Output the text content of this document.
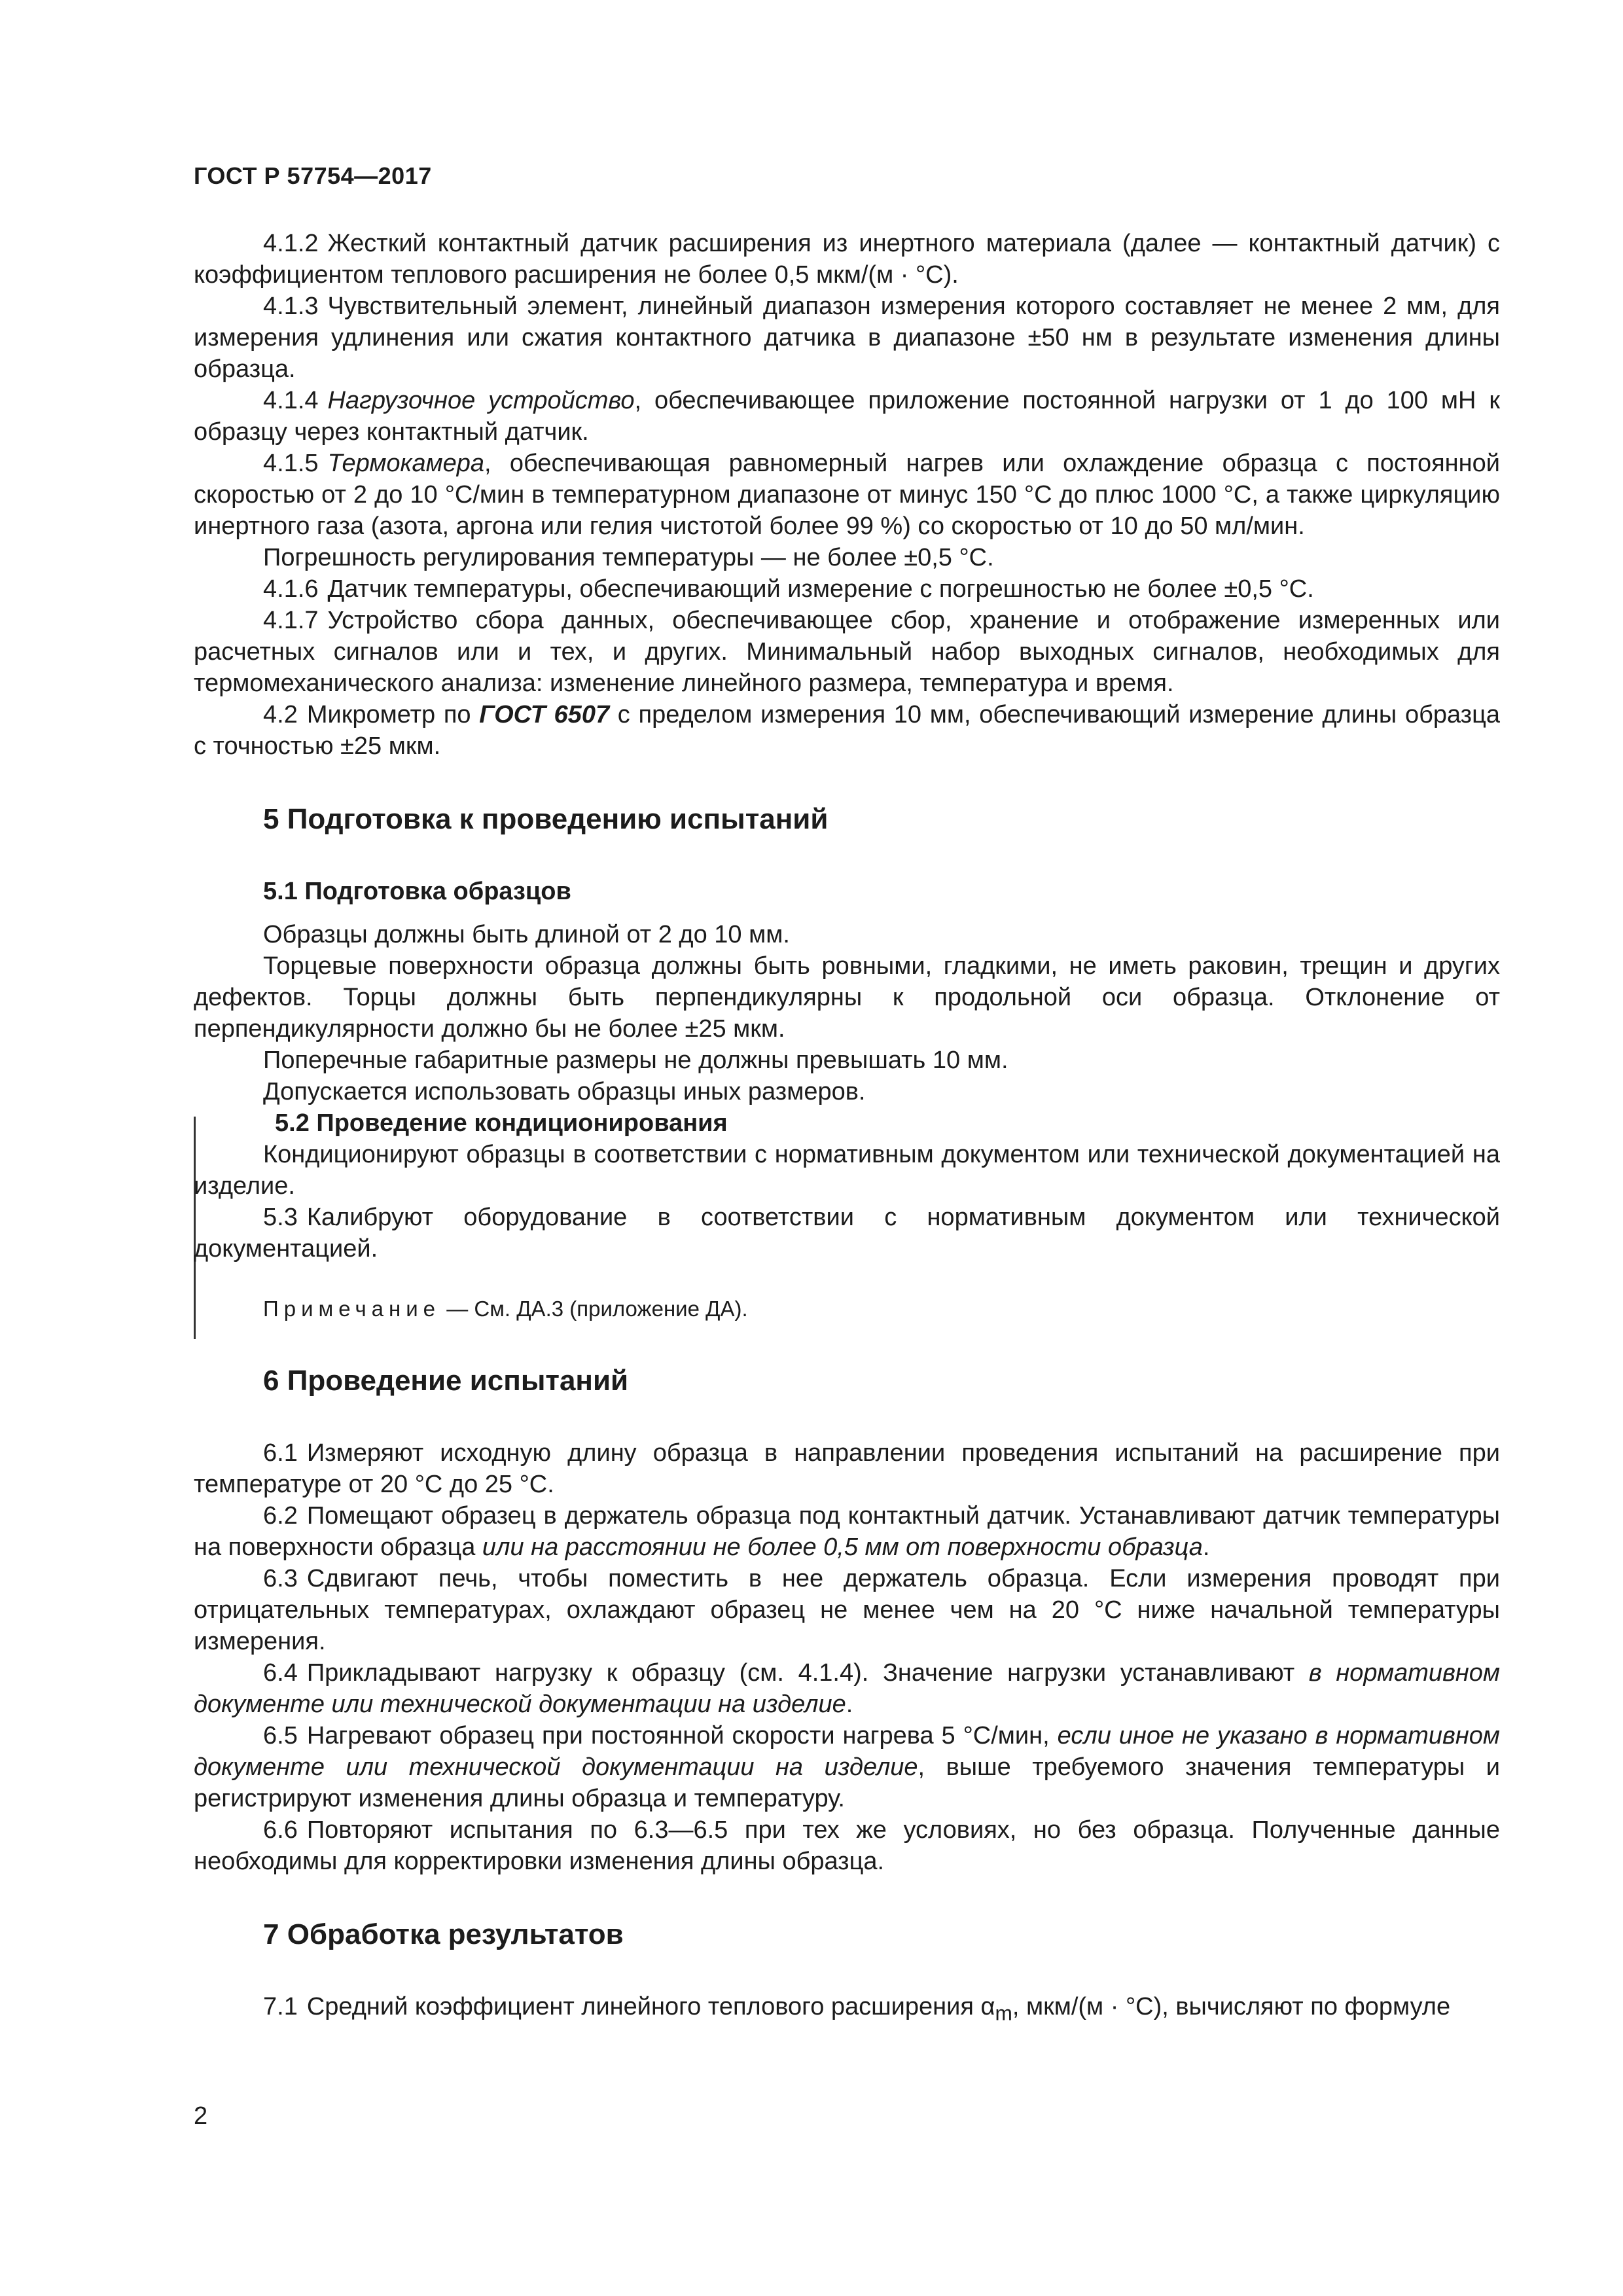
ГОСТ Р 57754—2017

4.1.2 Жесткий контактный датчик расширения из инертного материала (далее — контактный датчик) с коэффициентом теплового расширения не более 0,5 мкм/(м · °С).

4.1.3 Чувствительный элемент, линейный диапазон измерения которого составляет не менее 2 мм, для измерения удлинения или сжатия контактного датчика в диапазоне ±50 нм в результате изменения длины образца.

4.1.4 Нагрузочное устройство, обеспечивающее приложение постоянной нагрузки от 1 до 100 мН к образцу через контактный датчик.

4.1.5 Термокамера, обеспечивающая равномерный нагрев или охлаждение образца с постоянной скоростью от 2 до 10 °С/мин в температурном диапазоне от минус 150 °С до плюс 1000 °С, а также циркуляцию инертного газа (азота, аргона или гелия чистотой более 99 %) со скоростью от 10 до 50 мл/мин.

Погрешность регулирования температуры — не более ±0,5 °С.

4.1.6 Датчик температуры, обеспечивающий измерение с погрешностью не более ±0,5 °С.

4.1.7 Устройство сбора данных, обеспечивающее сбор, хранение и отображение измеренных или расчетных сигналов или и тех, и других. Минимальный набор выходных сигналов, необходимых для термомеханического анализа: изменение линейного размера, температура и время.

4.2 Микрометр по ГОСТ 6507 с пределом измерения 10 мм, обеспечивающий измерение длины образца с точностью ±25 мкм.

5 Подготовка к проведению испытаний
5.1 Подготовка образцов

Образцы должны быть длиной от 2 до 10 мм.

Торцевые поверхности образца должны быть ровными, гладкими, не иметь раковин, трещин и других дефектов. Торцы должны быть перпендикулярны к продольной оси образца. Отклонение от перпендикулярности должно бы не более ±25 мкм.

Поперечные габаритные размеры не должны превышать 10 мм.

Допускается использовать образцы иных размеров.

5.2 Проведение кондиционирования

Кондиционируют образцы в соответствии с нормативным документом или технической документацией на изделие.

5.3 Калибруют оборудование в соответствии с нормативным документом или технической документацией.

Примечание — См. ДА.3 (приложение ДА).
6 Проведение испытаний

6.1 Измеряют исходную длину образца в направлении проведения испытаний на расширение при температуре от 20 °С до 25 °С.

6.2 Помещают образец в держатель образца под контактный датчик. Устанавливают датчик температуры на поверхности образца или на расстоянии не более 0,5 мм от поверхности образца.

6.3 Сдвигают печь, чтобы поместить в нее держатель образца. Если измерения проводят при отрицательных температурах, охлаждают образец не менее чем на 20 °С ниже начальной температуры измерения.

6.4 Прикладывают нагрузку к образцу (см. 4.1.4). Значение нагрузки устанавливают в нормативном документе или технической документации на изделие.

6.5 Нагревают образец при постоянной скорости нагрева 5 °С/мин, если иное не указано в нормативном документе или технической документации на изделие, выше требуемого значения температуры и регистрируют изменения длины образца и температуру.

6.6 Повторяют испытания по 6.3—6.5 при тех же условиях, но без образца. Полученные данные необходимы для корректировки изменения длины образца.

7 Обработка результатов

7.1 Средний коэффициент линейного теплового расширения $\alpha_m$, мкм/(м · °С), вычисляют по формуле

2
